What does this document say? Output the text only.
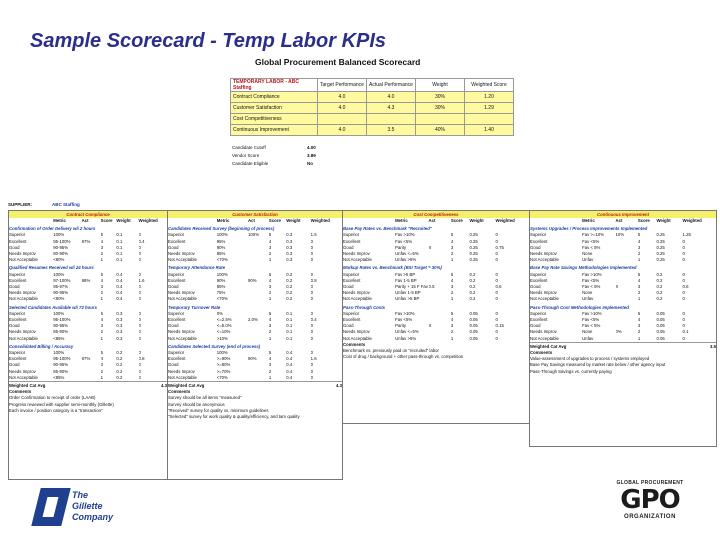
Sample Scorecard - Temp Labor KPIs
Global Procurement Balanced Scorecard
TEMPORARY LABOR - ABC Staffing	Target Performance	Actual Performance	Weight	Weighted Score
Contract Compliance	4.0	4.0	30%	1.20
Customer Satisfaction	4.0	4.3	30%	1.29
Cost Competitiveness				
Continuous Improvement	4.0	3.5	40%	1.40
Candidate Cutoff	4.00
Vendor Score	3.89
Candidate Eligible	No
SUPPLIER:	ABC Staffing
Contract Compliance
Metric	Act	Score Weight	Weighted
Confirmation of Order Delivery w/i 2 hours
Superior	100%	5	0.1	0
Excellent	95-100%	97%	4	0.1	0.4
Good	90-95%	3	0.1	0
Needs Improv	80-90%	2	0.1	0
Not Acceptable	<80%	1	0.1	0
Qualified Resumes Received w/i 24 hours
Superior	100%	5	0.4	0
Excellent	97-100%	98%	4	0.4	1.6
Good	95-97%	3	0.4	0
Needs Improv	90-95%	2	0.4	0
Not Acceptable	<90%	1	0.4	0
Selected Candidates Available w/i 72 hours
Superior	100%	5	0.3	0
Excellent	95-100%	4	0.3	0
Good	90-95%	3	0.3	0
Needs Improv	85-90%	2	0.3	0
Not Acceptable	<85%	1	0.3	0
Consolidated Billing / Accuracy
Superior	100%	5	0.2	0
Excellent	95-100%	97%	4	0.2	0.8
Good	90-95%	3	0.2	0
Needs Improv	85-90%	2	0.2	0
Not Acceptable	<85%	1	0.2	0
Weighted Cat Avg	4.3
Comments
Order Confirmation to receipt of order (LAAB)
Progress reviewed with supplier semi-monthly (Gillette)
Each invoice / position category is a "transaction"
Customer Satisfaction
Metric	Act	Score	Weight	Weighted
Candidates Received Survey (beginning of process)
Superior	100%	100%	5	0.3	1.5
Excellent	95%	4	0.3	0
Good	90%	3	0.3	0
Needs Improv	85%	2	0.3	0
Not Acceptable	<70%	1	0.3	0
Temporary Attendance Rate
Superior	100%	5	0.2	0
Excellent	90%	90%	4	0.2	0.8
Good	85%	3	0.2	0
Needs Improv	75%	2	0.2	0
Not Acceptable	<70%	1	0.2	0
Temporary Turnover Rate
Superior	0%	5	0.1	0
Excellent	<=2.5%	2.0%	4	0.1	0.4
Good	<=5.0%	3	0.1	0
Needs Improv	<=10%	2	0.1	0
Not Acceptable	>10%	1	0.1	0
Candidates Selected Survey (end of process)
Superior	100%	5	0.4	0
Excellent	>=90%	90%	4	0.4	1.6
Good	>=80%	3	0.4	0
Needs Improv	>=70%	2	0.4	0
Not Acceptable	<70%	1	0.4	0
Weighted Cat Avg	4.3
Comments
Survey should be all items "measured"
Survey should be anonymous
"Received" survey for quality vs. minimum guidelines
"Selected" survey for work quality & quality/efficiency, and tam quality
Cost Competitiveness
Metric	Act	Score	Weight	Weighted
Base Pay Rates vs. Benchmark "Recruited"
Superior	Fav >10%	5	0.25	0
Excellent	Fav <5%	4	0.25	0
Good	Parity	X	3	0.25	0.75
Needs Improv	Unfav <=5%	2	0.25	0
Not Acceptable	Unfav >5%	1	0.25	0
Markup Rates vs. Benchmark (BSI Target = 30%)
Superior	Fav >5 BP	5	0.2	0
Excellent	Fav 1-5 BP	4	0.2	0
Good	Parity + 15 F Fav 0.5	3	0.2	0.6
Needs Improv	Unfav 1-5 BP	2	0.2	0
Not Acceptable	Unfav >5 BP	1	0.2	0
Pass-Through Costs
Superior	Fav >10%	5	0.05	0
Excellent	Fav <5%	4	0.05	0
Good	Parity	X	3	0.05	0.15
Needs Improv	Unfav <=5%	2	0.05	0
Not Acceptable	Unfav >5%	1	0.05	0
Comments
Benchmark vs. previously paid on "recruited" labor
Cost of drug / background + other pass-through vs. competition
Continuous Improvement
Metric	Act	Score	Weight	Weighted
Systems Upgrades / Process Improvements Implemented
Superior	Fav >=10%	10%	5	0.25	1.25
Excellent	Fav <5%	4	0.25	0
Good	Fav < 5%	3	0.25	0
Needs Improv	None	2	0.25	0
Not Acceptable	Unfav	1	0.25	0
Base Pay Rate Savings Methodologies Implemented
Superior	Fav >10%	5	0.2	0
Excellent	Fav <5%	4	0.2	0
Good	Fav < 5%	X	3	0.2	0.6
Needs Improv	None	2	0.2	0
Not Acceptable	Unfav	1	0.2	0
Pass-Through Cost Methodologies Implemented
Superior	Fav >10%	5	0.05	0
Excellent	Fav <5%	4	0.05	0
Good	Fav < 5%	3	0.05	0
Needs Improv	None	0%	2	0.05	0.1
Not Acceptable	Unfav	1	0.05	0
Weighted Cat Avg	3.5
Comments
Value-assessment of upgrades to process / systems employed
Base Pay Savings measured by market rate below / other agency input
Pass-Through Savings vs. currently paying
The
Gillette
Company
GLOBAL PROCUREMENT
GPO
ORGANIZATION
